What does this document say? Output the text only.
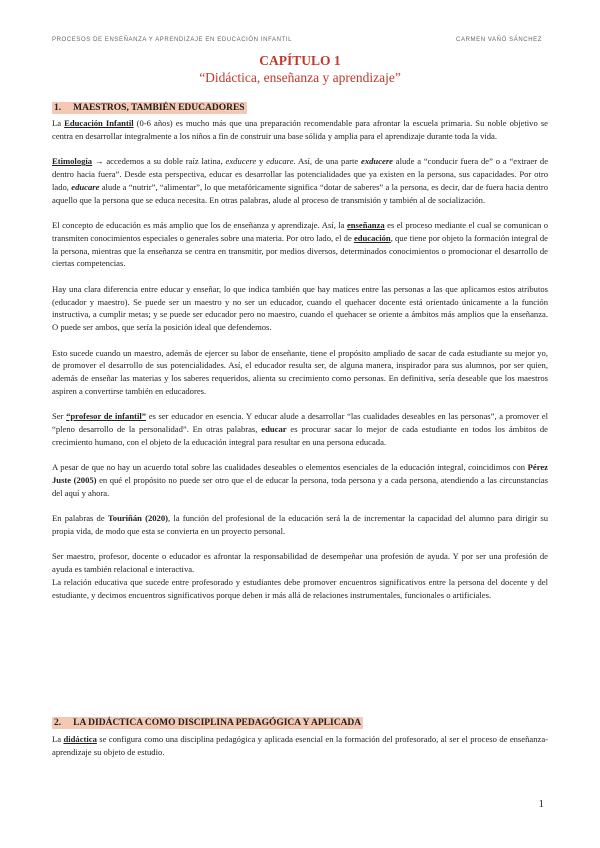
PROCESOS DE ENSEÑANZA Y APRENDIZAJE EN EDUCACIÓN INFANTIL	CARMEN VAÑÓ SÁNCHEZ
CAPÍTULO 1
“Didáctica, enseñanza y aprendizaje”
1. MAESTROS, TAMBIÉN EDUCADORES

La Educación Infantil (0-6 años) es mucho más que una preparación recomendable para afrontar la escuela primaria. Su noble objetivo se centra en desarrollar integralmente a los niños a fin de construir una base sólida y amplia para el aprendizaje durante toda la vida.

Etimología → accedemos a su doble raíz latina, exducere y educare. Así, de una parte exducere alude a “conducir fuera de” o a “extraer de dentro hacia fuera”. Desde esta perspectiva, educar es desarrollar las potencialidades que ya existen en la persona, sus capacidades. Por otro lado, educare alude a “nutrir”, “alimentar”, lo que metafóricamente significa “dotar de saberes” a la persona, es decir, dar de fuera hacia dentro aquello que la persona que se educa necesita. En otras palabras, alude al proceso de transmisión y también al de socialización.

El concepto de educación es más amplio que los de enseñanza y aprendizaje. Así, la enseñanza es el proceso mediante el cual se comunican o transmiten conocimientos especiales o generales sobre una materia. Por otro lado, el de educación, que tiene por objeto la formación integral de la persona, mientras que la enseñanza se centra en transmitir, por medios diversos, determinados conocimientos o promocionar el desarrollo de ciertas competencias.

Hay una clara diferencia entre educar y enseñar, lo que indica también que hay matices entre las personas a las que aplicamos estos atributos (educador y maestro). Se puede ser un maestro y no ser un educador, cuando el quehacer docente está orientado únicamente a la función instructiva, a cumplir metas; y se puede ser educador pero no maestro, cuando el quehacer se oriente a ámbitos más amplios que la enseñanza. O puede ser ambos, que sería la posición ideal que defendemos.

Esto sucede cuando un maestro, además de ejercer su labor de enseñante, tiene el propósito ampliado de sacar de cada estudiante su mejor yo, de promover el desarrollo de sus potencialidades. Así, el educador resulta ser, de alguna manera, inspirador para sus alumnos, por ser quien, además de enseñar las materias y los saberes requeridos, alienta su crecimiento como personas. En definitiva, sería deseable que los maestros aspiren a convertirse también en educadores.

Ser “profesor de infantil” es ser educador en esencia. Y educar alude a desarrollar “las cualidades deseables en las personas”, a promover el “pleno desarrollo de la personalidad”. En otras palabras, educar es procurar sacar lo mejor de cada estudiante en todos los ámbitos de crecimiento humano, con el objeto de la educación integral para resultar en una persona educada.

A pesar de que no hay un acuerdo total sobre las cualidades deseables o elementos esenciales de la educación integral, coincidimos con Pérez Juste (2005) en qué el propósito no puede ser otro que el de educar la persona, toda persona y a cada persona, atendiendo a las circunstancias del aquí y ahora.

En palabras de Touriñán (2020), la función del profesional de la educación será la de incrementar la capacidad del alumno para dirigir su propia vida, de modo que esta se convierta en un proyecto personal.

Ser maestro, profesor, docente o educador es afrontar la responsabilidad de desempeñar una profesión de ayuda. Y por ser una profesión de ayuda es también relacional e interactiva.

La relación educativa que sucede entre profesorado y estudiantes debe promover encuentros significativos entre la persona del docente y del estudiante, y decimos encuentros significativos porque deben ir más allá de relaciones instrumentales, funcionales o artificiales.

2. LA DIDÁCTICA COMO DISCIPLINA PEDAGÓGICA Y APLICADA

La didáctica se configura como una disciplina pedagógica y aplicada esencial en la formación del profesorado, al ser el proceso de enseñanza-aprendizaje su objeto de estudio.

1
